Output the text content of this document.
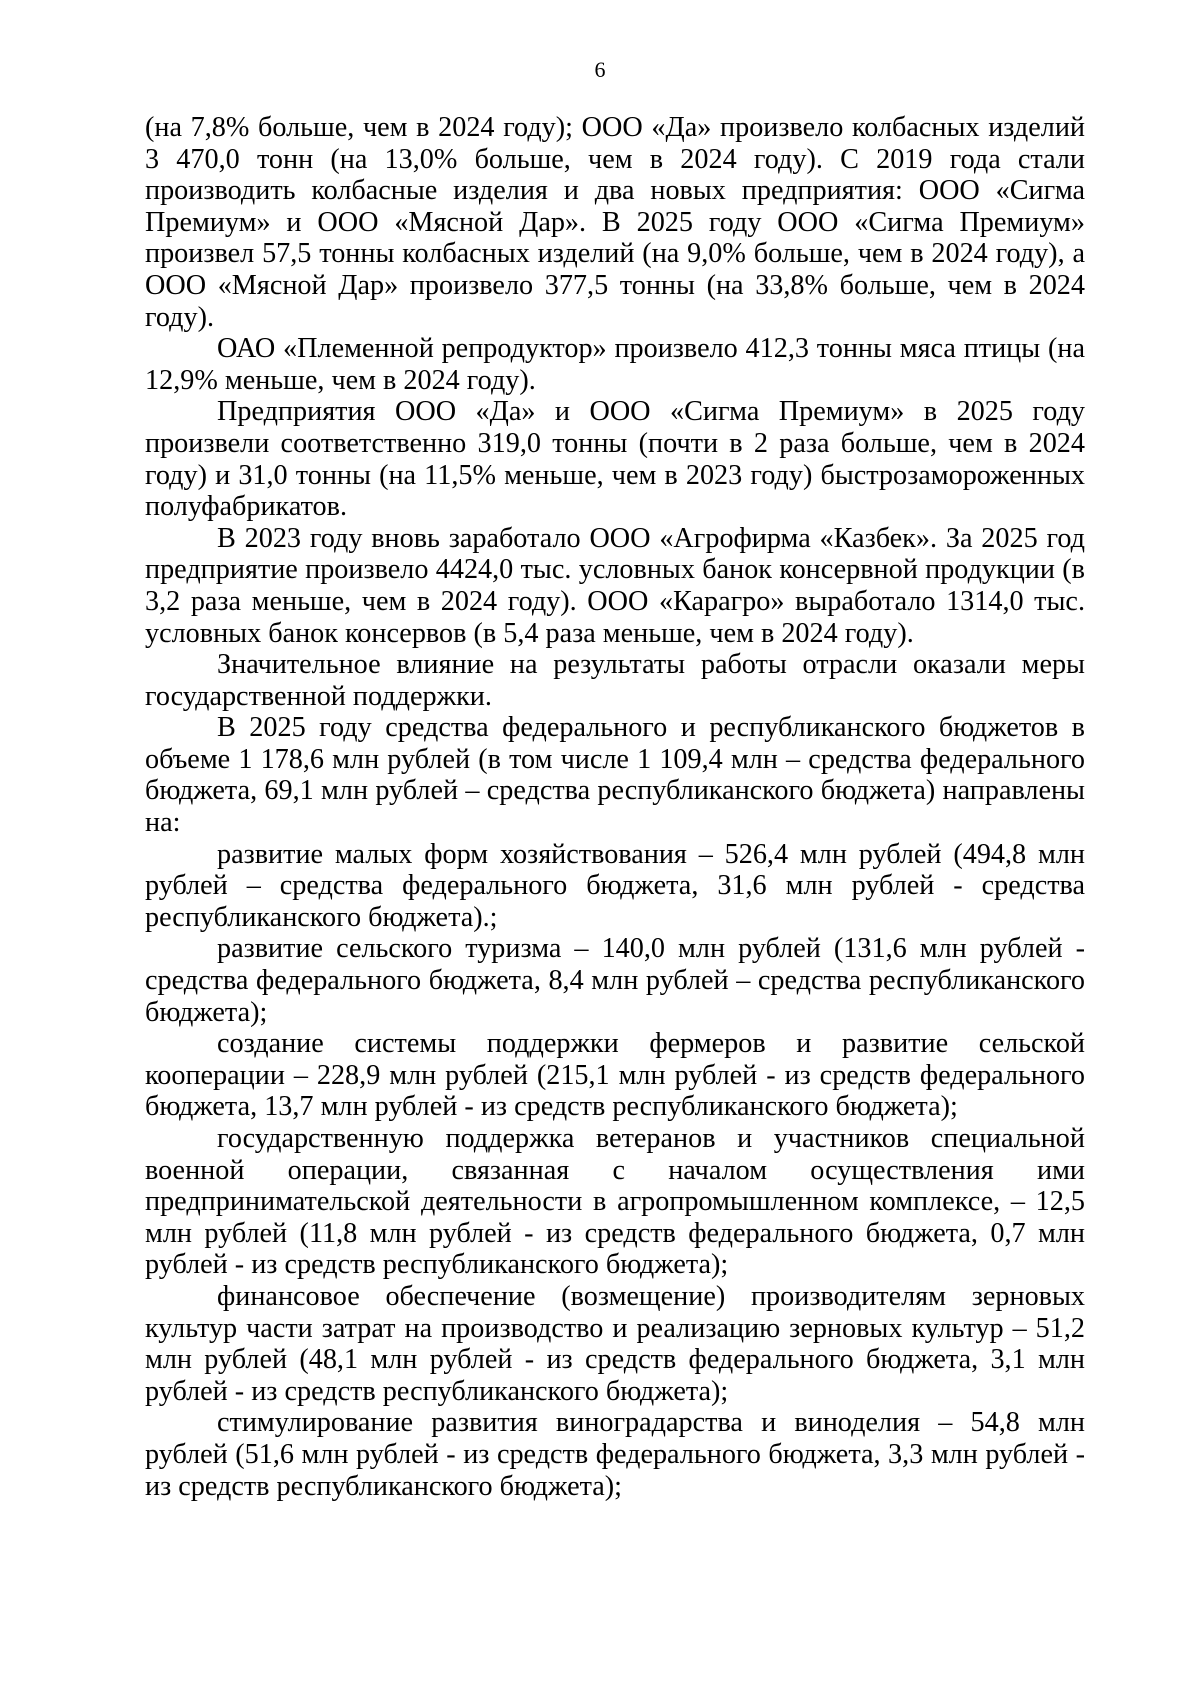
6

(на 7,8% больше, чем в 2024 году); ООО «Да» произвело колбасных изделий 3 470,0 тонн (на 13,0% больше, чем в 2024 году). С 2019 года стали производить колбасные изделия и два новых предприятия: ООО «Сигма Премиум» и ООО «Мясной Дар». В 2025 году ООО «Сигма Премиум» произвел 57,5 тонны колбасных изделий (на 9,0% больше, чем в 2024 году), а ООО «Мясной Дар» произвело 377,5 тонны (на 33,8% больше, чем в 2024 году).

ОАО «Племенной репродуктор» произвело 412,3 тонны мяса птицы (на 12,9% меньше, чем в 2024 году).

Предприятия ООО «Да» и ООО «Сигма Премиум» в 2025 году произвели соответственно 319,0 тонны (почти в 2 раза больше, чем в 2024 году) и 31,0 тонны (на 11,5% меньше, чем в 2023 году) быстрозамороженных полуфабрикатов.

В 2023 году вновь заработало ООО «Агрофирма «Казбек». За 2025 год предприятие произвело 4424,0 тыс. условных банок консервной продукции (в 3,2 раза меньше, чем в 2024 году). ООО «Карагро» выработало 1314,0 тыс. условных банок консервов (в 5,4 раза меньше, чем в 2024 году).

Значительное влияние на результаты работы отрасли оказали меры государственной поддержки.

В 2025 году средства федерального и республиканского бюджетов в объеме 1 178,6 млн рублей (в том числе 1 109,4 млн – средства федерального бюджета, 69,1 млн рублей – средства республиканского бюджета) направлены на:

развитие малых форм хозяйствования – 526,4 млн рублей (494,8 млн рублей – средства федерального бюджета, 31,6 млн рублей - средства республиканского бюджета).;

развитие сельского туризма – 140,0 млн рублей (131,6 млн рублей - средства федерального бюджета, 8,4 млн рублей – средства республиканского бюджета);

создание системы поддержки фермеров и развитие сельской кооперации – 228,9 млн рублей (215,1 млн рублей - из средств федерального бюджета, 13,7 млн рублей - из средств республиканского бюджета);

государственную поддержка ветеранов и участников специальной военной операции, связанная с началом осуществления ими предпринимательской деятельности в агропромышленном комплексе, – 12,5 млн рублей (11,8 млн рублей - из средств федерального бюджета, 0,7 млн рублей - из средств республиканского бюджета);

финансовое обеспечение (возмещение) производителям зерновых культур части затрат на производство и реализацию зерновых культур – 51,2 млн рублей (48,1 млн рублей - из средств федерального бюджета, 3,1 млн рублей - из средств республиканского бюджета);

стимулирование развития виноградарства и виноделия – 54,8 млн рублей (51,6 млн рублей - из средств федерального бюджета, 3,3 млн рублей - из средств республиканского бюджета);
